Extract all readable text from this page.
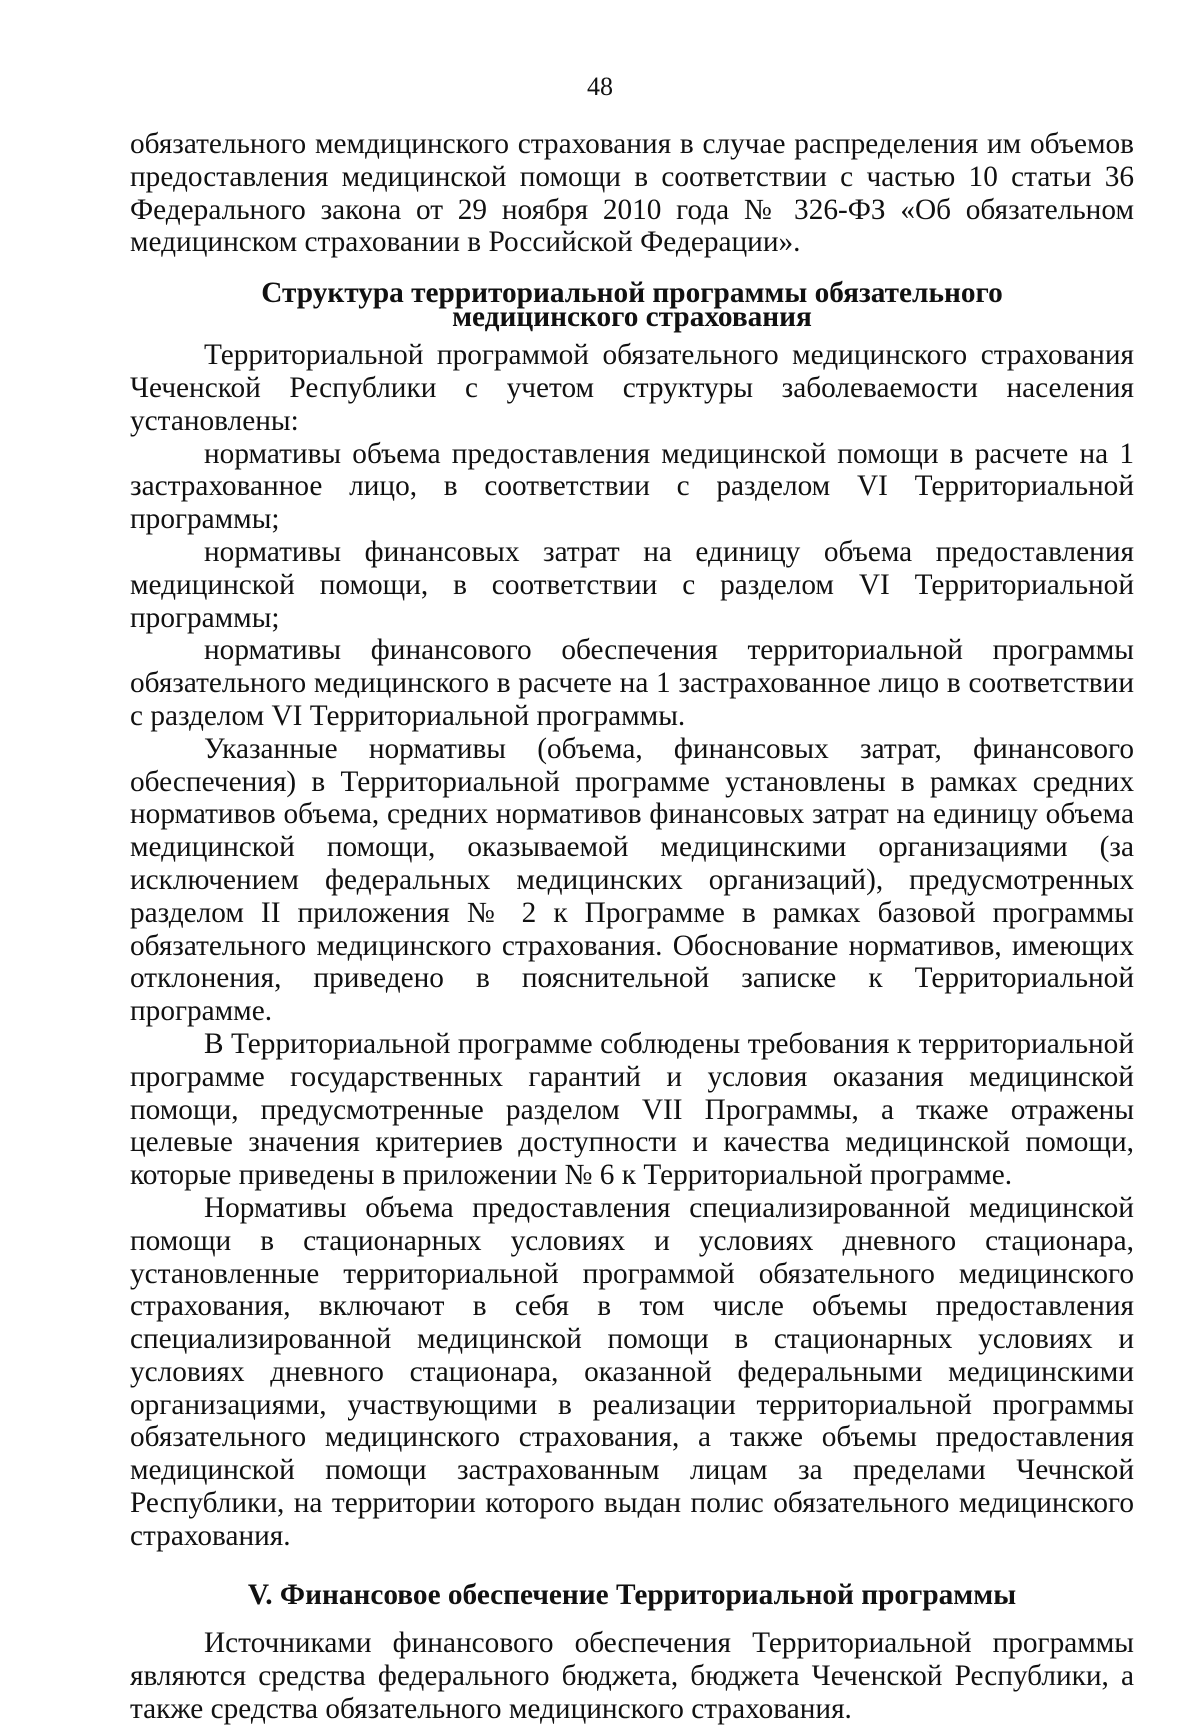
48

обязательного мемдицинского страхования в случае распределения им объемов предоставления медицинской помощи в соответствии с частью 10 статьи 36 Федерального закона от 29 ноября 2010 года № 326-ФЗ «Об обязательном медицинском страховании в Российской Федерации».

Структура территориальной программы обязательного
медицинского страхования

Территориальной программой обязательного медицинского страхования Чеченской Республики с учетом структуры заболеваемости населения установлены:

нормативы объема предоставления медицинской помощи в расчете на 1 застрахованное лицо, в соответствии с разделом VI Территориальной программы;

нормативы финансовых затрат на единицу объема предоставления медицинской помощи, в соответствии с разделом VI Территориальной программы;

нормативы финансового обеспечения территориальной программы обязательного медицинского в расчете на 1 застрахованное лицо в соответствии с разделом VI Территориальной программы.

Указанные нормативы (объема, финансовых затрат, финансового обеспечения) в Территориальной программе установлены в рамках средних нормативов объема, средних нормативов финансовых затрат на единицу объема медицинской помощи, оказываемой медицинскими организациями (за исключением федеральных медицинских организаций), предусмотренных разделом II приложения № 2 к Программе в рамках базовой программы обязательного медицинского страхования. Обоснование нормативов, имеющих отклонения, приведено в пояснительной записке к Территориальной программе.

В Территориальной программе соблюдены требования к территориальной программе государственных гарантий и условия оказания медицинской помощи, предусмотренные разделом VII Программы, а ткаже отражены целевые значения критериев доступности и качества медицинской помощи, которые приведены в приложении № 6 к Территориальной программе.

Нормативы объема предоставления специализированной медицинской помощи в стационарных условиях и условиях дневного стационара, установленные территориальной программой обязательного медицинского страхования, включают в себя в том числе объемы предоставления специализированной медицинской помощи в стационарных условиях и условиях дневного стационара, оказанной федеральными медицинскими организациями, участвующими в реализации территориальной программы обязательного медицинского страхования, а также объемы предоставления медицинской помощи застрахованным лицам за пределами Чечнской Республики, на территории которого выдан полис обязательного медицинского страхования.

V. Финансовое обеспечение Территориальной программы

Источниками финансового обеспечения Территориальной программы являются средства федерального бюджета, бюджета Чеченской Республики, а также средства обязательного медицинского страхования.
